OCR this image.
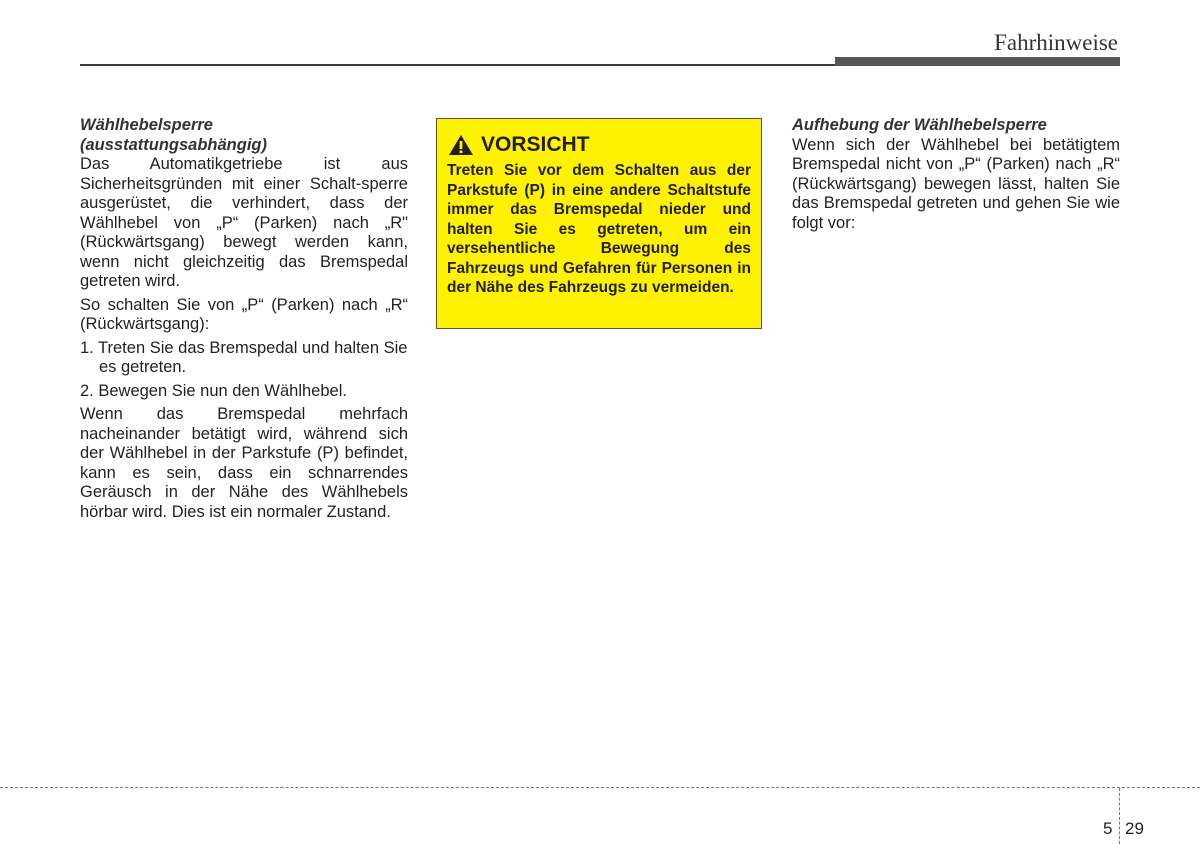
Fahrhinweise
Wählhebelsperre
(ausstattungsabhängig)

Das Automatikgetriebe ist aus Sicherheitsgründen mit einer Schalt-sperre ausgerüstet, die verhindert, dass der Wählhebel von „P“ (Parken) nach „R" (Rückwärtsgang) bewegt werden kann, wenn nicht gleichzeitig das Bremspedal getreten wird.

So schalten Sie von „P“ (Parken) nach „R“ (Rückwärtsgang):

1. Treten Sie das Bremspedal und halten Sie es getreten.

2. Bewegen Sie nun den Wählhebel.

Wenn das Bremspedal mehrfach nacheinander betätigt wird, während sich der Wählhebel in der Parkstufe (P) befindet, kann es sein, dass ein schnarrendes Geräusch in der Nähe des Wählhebels hörbar wird. Dies ist ein normaler Zustand.

VORSICHT

Treten Sie vor dem Schalten aus der Parkstufe (P) in eine andere Schaltstufe immer das Bremspedal nieder und halten Sie es getreten, um ein versehentliche Bewegung des Fahrzeugs und Gefahren für Personen in der Nähe des Fahrzeugs zu vermeiden.

Aufhebung der Wählhebelsperre

Wenn sich der Wählhebel bei betätigtem Bremspedal nicht von „P“ (Parken) nach „R“ (Rückwärtsgang) bewegen lässt, halten Sie das Bremspedal getreten und gehen Sie wie folgt vor:

5 29
